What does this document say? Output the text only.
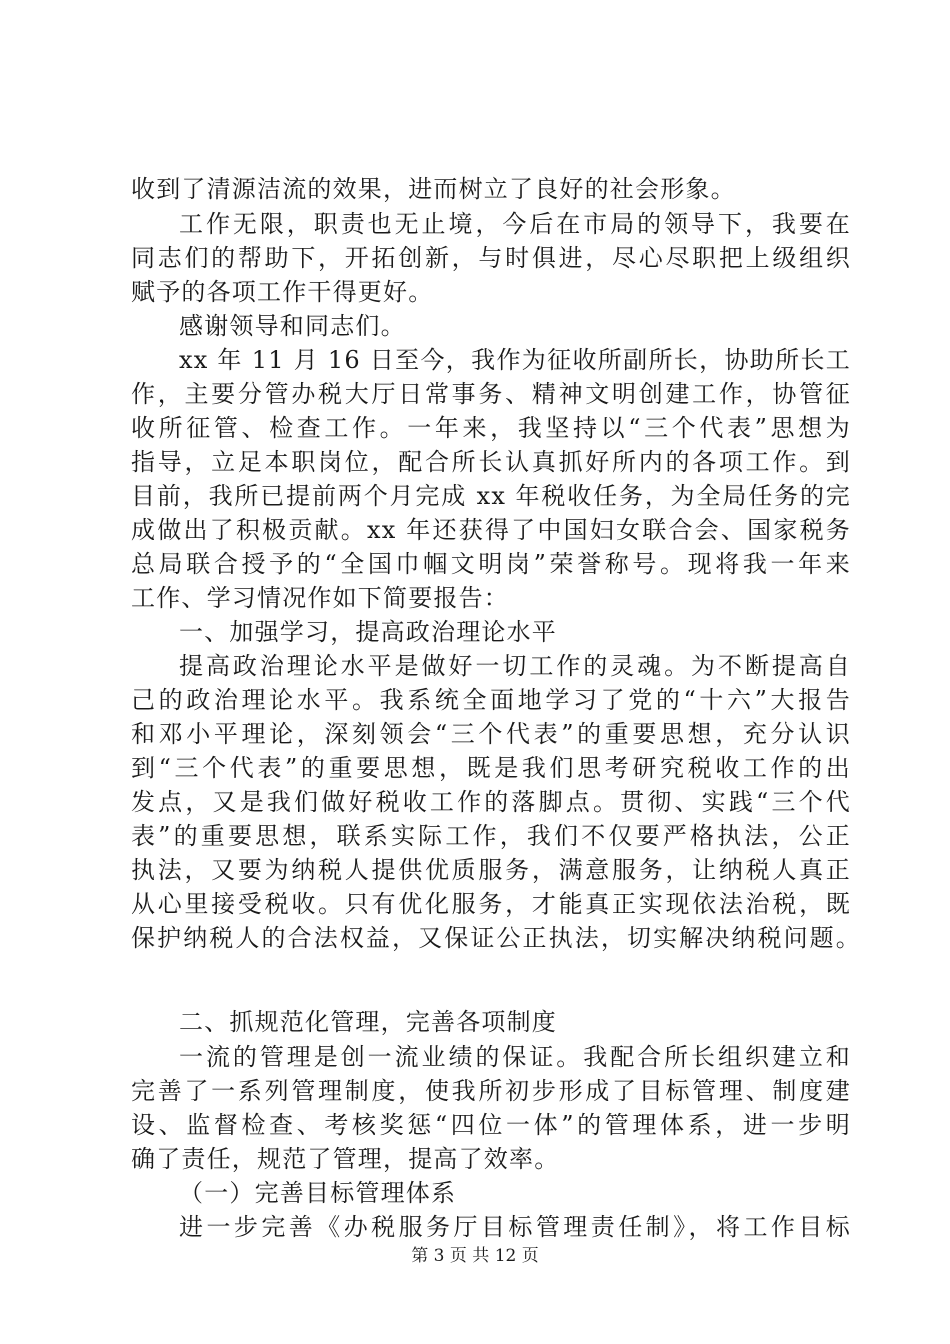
收到了清源洁流的效果，进而树立了良好的社会形象。
工作无限，职责也无止境，今后在市局的领导下，我要在
同志们的帮助下，开拓创新，与时俱进，尽心尽职把上级组织
赋予的各项工作干得更好。
感谢领导和同志们。
xx 年 11 月 16 日至今，我作为征收所副所长，协助所长工
作，主要分管办税大厅日常事务、精神文明创建工作，协管征
收所征管、检查工作。一年来，我坚持以“三个代表”思想为
指导，立足本职岗位，配合所长认真抓好所内的各项工作。到
目前，我所已提前两个月完成 xx 年税收任务，为全局任务的完
成做出了积极贡献。xx 年还获得了中国妇女联合会、国家税务
总局联合授予的“全国巾帼文明岗”荣誉称号。现将我一年来
工作、学习情况作如下简要报告：
一、加强学习，提高政治理论水平
提高政治理论水平是做好一切工作的灵魂。为不断提高自
己的政治理论水平。我系统全面地学习了党的“十六”大报告
和邓小平理论，深刻领会“三个代表”的重要思想，充分认识
到“三个代表”的重要思想，既是我们思考研究税收工作的出
发点，又是我们做好税收工作的落脚点。贯彻、实践“三个代
表”的重要思想，联系实际工作，我们不仅要严格执法，公正
执法，又要为纳税人提供优质服务，满意服务，让纳税人真正
从心里接受税收。只有优化服务，才能真正实现依法治税，既
保护纳税人的合法权益，又保证公正执法，切实解决纳税问题。
二、抓规范化管理，完善各项制度
一流的管理是创一流业绩的保证。我配合所长组织建立和
完善了一系列管理制度，使我所初步形成了目标管理、制度建
设、监督检查、考核奖惩“四位一体”的管理体系，进一步明
确了责任，规范了管理，提高了效率。
（一）完善目标管理体系
进一步完善《办税服务厅目标管理责任制》，将工作目标
第 3 页 共 12 页
